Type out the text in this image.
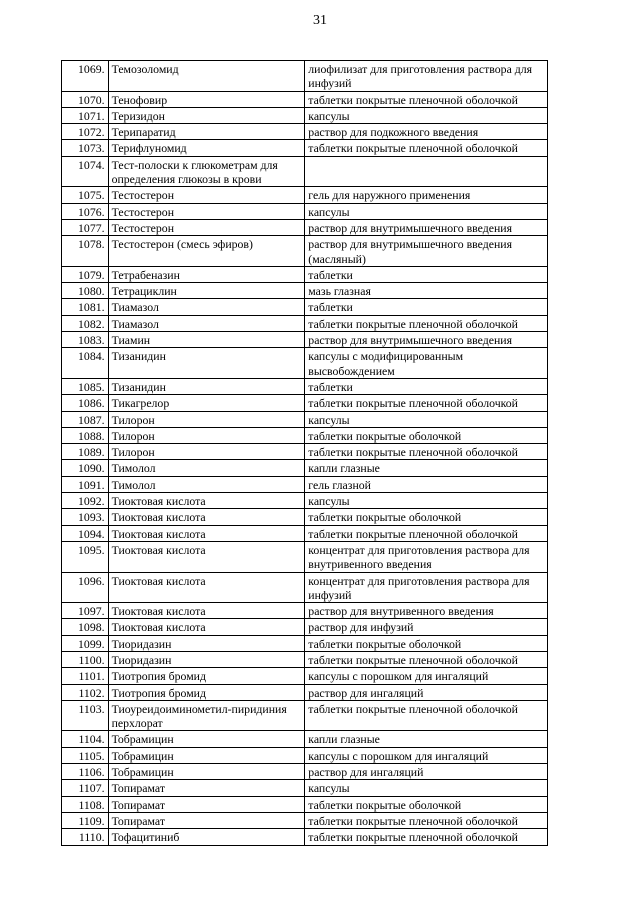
31
1069.	Темозоломид	лиофилизат для приготовления раствора для инфузий
1070.	Тенофовир	таблетки покрытые пленочной оболочкой
1071.	Теризидон	капсулы
1072.	Терипаратид	раствор для подкожного введения
1073.	Терифлуномид	таблетки покрытые пленочной оболочкой
1074.	Тест-полоски к глюкометрам для определения глюкозы в крови	
1075.	Тестостерон	гель для наружного применения
1076.	Тестостерон	капсулы
1077.	Тестостерон	раствор для внутримышечного введения
1078.	Тестостерон (смесь эфиров)	раствор для внутримышечного введения (масляный)
1079.	Тетрабеназин	таблетки
1080.	Тетрациклин	мазь глазная
1081.	Тиамазол	таблетки
1082.	Тиамазол	таблетки покрытые пленочной оболочкой
1083.	Тиамин	раствор для внутримышечного введения
1084.	Тизанидин	капсулы с модифицированным высвобождением
1085.	Тизанидин	таблетки
1086.	Тикагрелор	таблетки покрытые пленочной оболочкой
1087.	Тилорон	капсулы
1088.	Тилорон	таблетки покрытые оболочкой
1089.	Тилорон	таблетки покрытые пленочной оболочкой
1090.	Тимолол	капли глазные
1091.	Тимолол	гель глазной
1092.	Тиоктовая кислота	капсулы
1093.	Тиоктовая кислота	таблетки покрытые оболочкой
1094.	Тиоктовая кислота	таблетки покрытые пленочной оболочкой
1095.	Тиоктовая кислота	концентрат для приготовления раствора для внутривенного введения
1096.	Тиоктовая кислота	концентрат для приготовления раствора для инфузий
1097.	Тиоктовая кислота	раствор для внутривенного введения
1098.	Тиоктовая кислота	раствор для инфузий
1099.	Тиоридазин	таблетки покрытые оболочкой
1100.	Тиоридазин	таблетки покрытые пленочной оболочкой
1101.	Тиотропия бромид	капсулы с порошком для ингаляций
1102.	Тиотропия бромид	раствор для ингаляций
1103.	Тиоуреидоиминометил-пиридиния перхлорат	таблетки покрытые пленочной оболочкой
1104.	Тобрамицин	капли глазные
1105.	Тобрамицин	капсулы с порошком для ингаляций
1106.	Тобрамицин	раствор для ингаляций
1107.	Топирамат	капсулы
1108.	Топирамат	таблетки покрытые оболочкой
1109.	Топирамат	таблетки покрытые пленочной оболочкой
1110.	Тофацитиниб	таблетки покрытые пленочной оболочкой
